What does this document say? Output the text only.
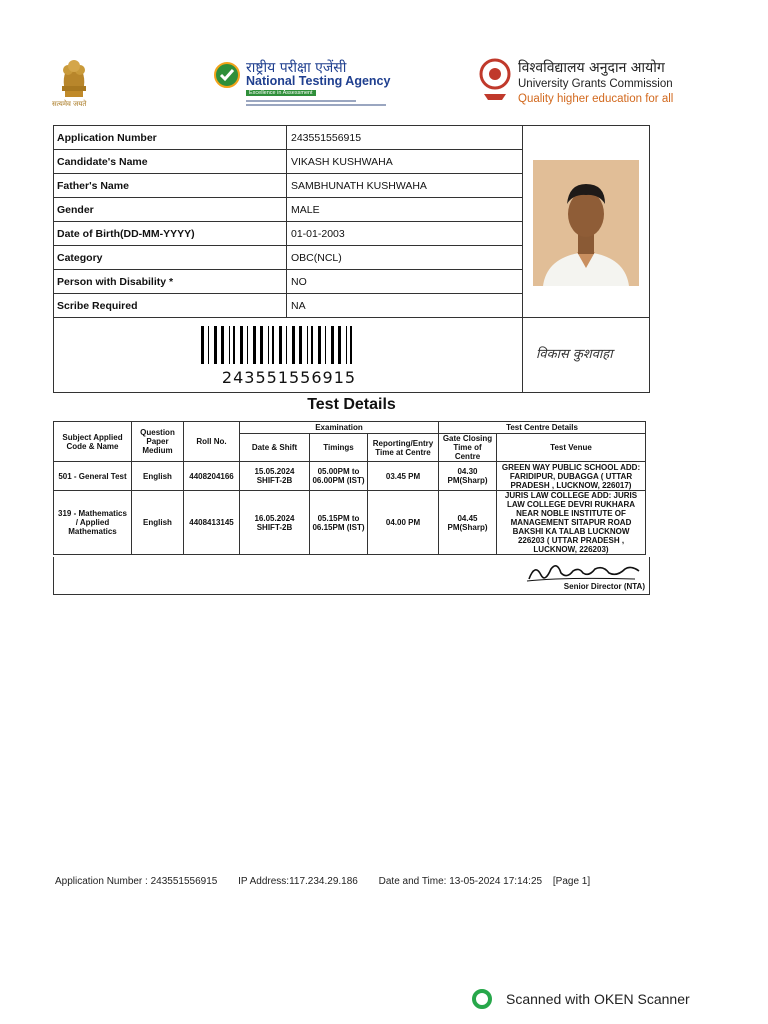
सत्यमेव जयते
राष्ट्रीय परीक्षा एजेंसी
National Testing Agency
Excellence in Assessment
विश्वविद्यालय अनुदान आयोग
University Grants Commission
Quality higher education for all
Application Number	243551556915
Candidate's Name	VIKASH KUSHWAHA
Father's Name	SAMBHUNATH KUSHWAHA
Gender	MALE
Date of Birth(DD-MM-YYYY)	01-01-2003
Category	OBC(NCL)
Person with Disability *	NO
Scribe Required	NA
243551556915
विकास कुशवाहा
Test Details
Subject Applied Code & Name	Question Paper Medium	Roll No.	Examination			Test Centre Details	
			Date & Shift	Timings	Reporting/Entry Time at Centre	Gate Closing Time of Centre	Test Venue
501 - General Test	English	4408204166	15.05.2024 SHIFT-2B	05.00PM to 06.00PM (IST)	03.45 PM	04.30 PM(Sharp)	GREEN WAY PUBLIC SCHOOL ADD: FARIDIPUR, DUBAGGA ( UTTAR PRADESH , LUCKNOW, 226017)
319 - Mathematics / Applied Mathematics	English	4408413145	16.05.2024 SHIFT-2B	05.15PM to 06.15PM (IST)	04.00 PM	04.45 PM(Sharp)	JURIS LAW COLLEGE ADD: JURIS LAW COLLEGE DEVRI RUKHARA NEAR NOBLE INSTITUTE OF MANAGEMENT SITAPUR ROAD BAKSHI KA TALAB LUCKNOW 226203 ( UTTAR PRADESH , LUCKNOW, 226203)
Senior Director (NTA)
Application Number : 243551556915 IP Address:117.234.29.186 Date and Time: 13-05-2024 17:14:25 [Page 1]
Scanned with OKEN Scanner
